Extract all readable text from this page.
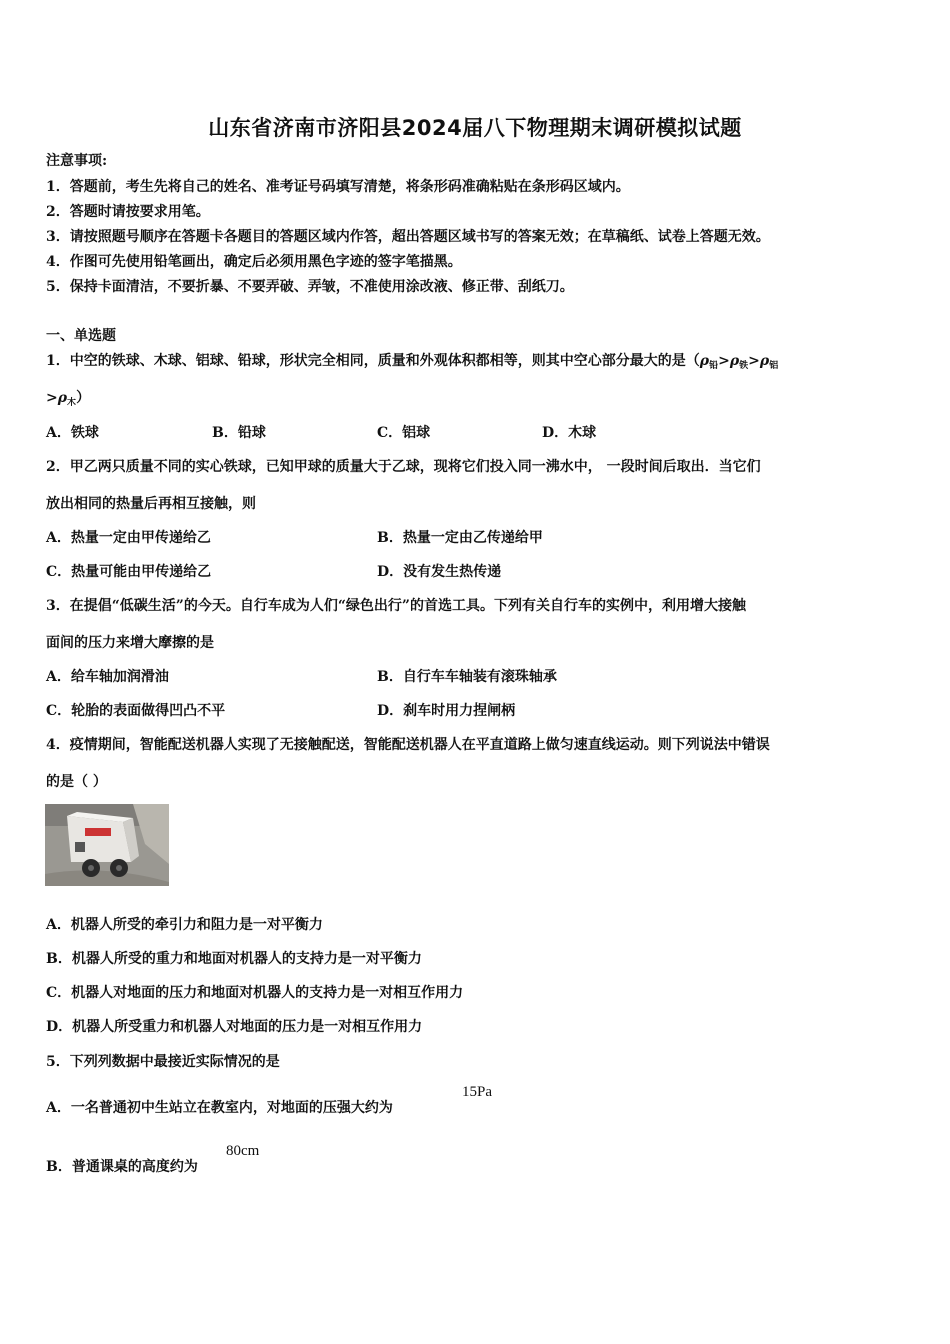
山东省济南市济阳县2024届八下物理期末调研模拟试题
注意事项:
1．答题前，考生先将自己的姓名、准考证号码填写清楚，将条形码准确粘贴在条形码区域内。
2．答题时请按要求用笔。
3．请按照题号顺序在答题卡各题目的答题区域内作答，超出答题区域书写的答案无效；在草稿纸、试卷上答题无效。
4．作图可先使用铅笔画出，确定后必须用黑色字迹的签字笔描黑。
5．保持卡面清洁，不要折暴、不要弄破、弄皱，不准使用涂改液、修正带、刮纸刀。
一、单选题
1．中空的铁球、木球、铝球、铅球，形状完全相同，质量和外观体积都相等，则其中空心部分最大的是（$\rho_铅>\rho_铁>\rho_铝$
$>\rho_木$）
A．铁球	B．铅球	C．铝球	D．木球
2．甲乙两只质量不同的实心铁球，已知甲球的质量大于乙球，现将它们投入同一沸水中， 一段时间后取出．当它们
放出相同的热量后再相互接触，则
A．热量一定由甲传递给乙	B．热量一定由乙传递给甲
C．热量可能由甲传递给乙	D．没有发生热传递
3．在提倡“低碳生活”的今天。自行车成为人们“绿色出行”的首选工具。下列有关自行车的实例中，利用增大接触
面间的压力来增大摩擦的是
A．给车轴加润滑油	B．自行车车轴装有滚珠轴承
C．轮胎的表面做得凹凸不平	D．刹车时用力捏闸柄
4．疫情期间，智能配送机器人实现了无接触配送，智能配送机器人在平直道路上做匀速直线运动。则下列说法中错误
的是（ ）
A．机器人所受的牵引力和阻力是一对平衡力
B．机器人所受的重力和地面对机器人的支持力是一对平衡力
C．机器人对地面的压力和地面对机器人的支持力是一对相互作用力
D．机器人所受重力和机器人对地面的压力是一对相互作用力
5．下列列数据中最接近实际情况的是
A．一名普通初中生站立在教室内，对地面的压强大约为
15Pa
B．普通课桌的高度约为
80cm
